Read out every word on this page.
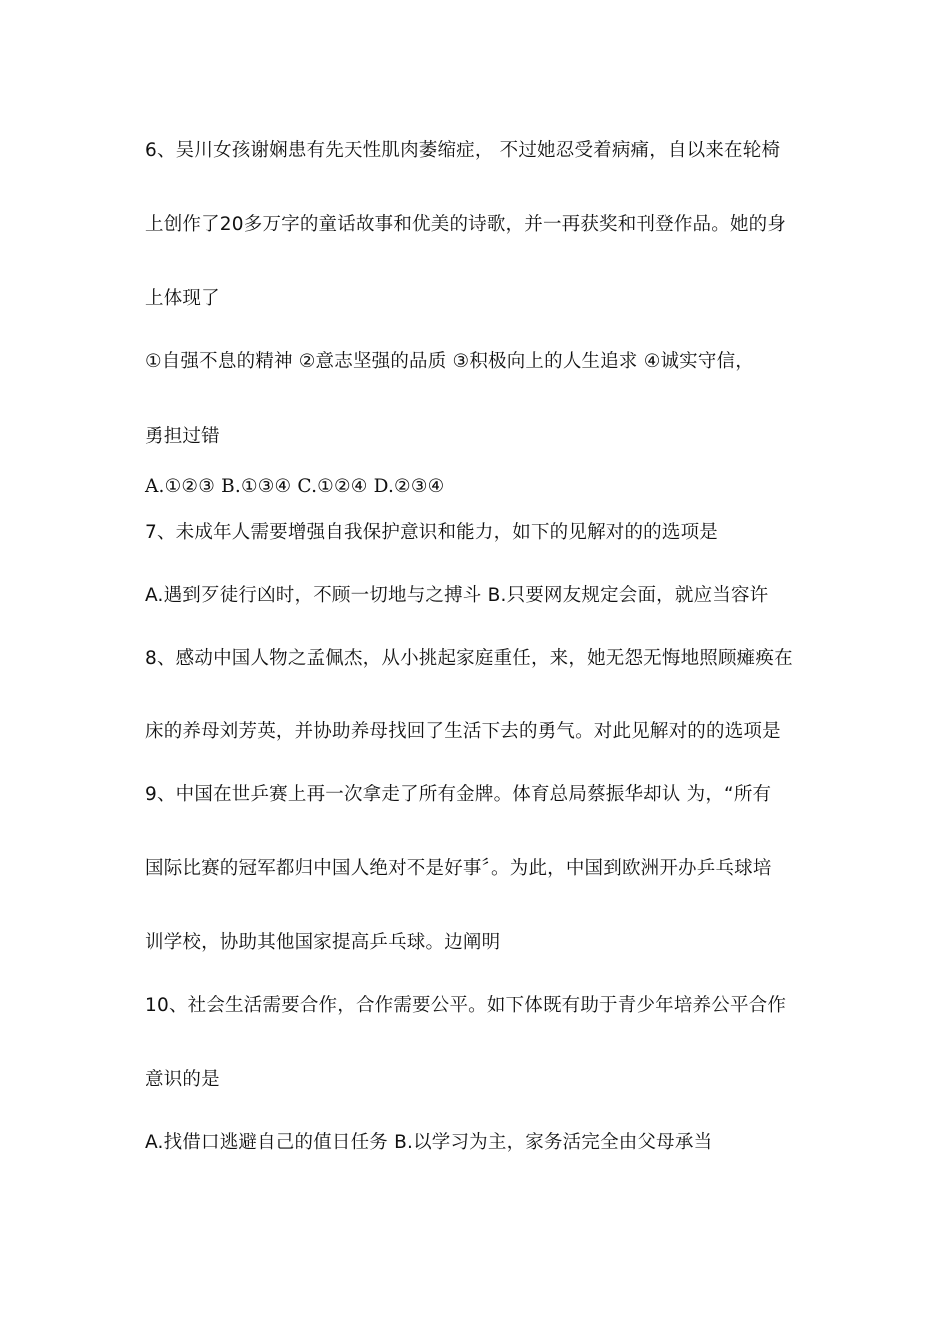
6、吴川女孩谢娴患有先天性肌肉萎缩症， 不过她忍受着病痛，自以来在轮椅
上创作了20多万字的童话故事和优美的诗歌，并一再获奖和刊登作品。她的身
上体现了
①自强不息的精神 ②意志坚强的品质 ③积极向上的人生追求 ④诚实守信，
勇担过错
A.①②③ B.①③④ C.①②④ D.②③④
7、未成年人需要增强自我保护意识和能力，如下的见解对的的选项是
A.遇到歹徒行凶时，不顾一切地与之搏斗 B.只要网友规定会面，就应当容许
8、感动中国人物之孟佩杰，从小挑起家庭重任，来，她无怨无悔地照顾瘫痪在
床的养母刘芳英，并协助养母找回了生活下去的勇气。对此见解对的的选项是
9、中国在世乒赛上再一次拿走了所有金牌。体育总局蔡振华却认 为，“所有
国际比赛的冠军都归中国人绝对不是好事〞。为此，中国到欧洲开办乒乓球培
训学校，协助其他国家提高乒乓球。边阐明
10、社会生活需要合作，合作需要公平。如下体既有助于青少年培养公平合作
意识的是
A.找借口逃避自己的值日任务 B.以学习为主，家务活完全由父母承当
